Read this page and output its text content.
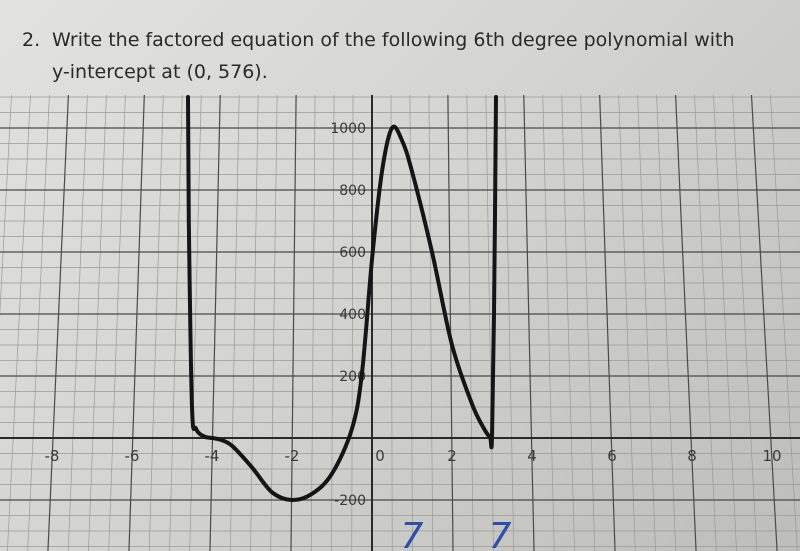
2. Write the factored equation of the following 6th degree polynomial with
y-intercept at (0, 576).
-8	-6	-4	-2	0	2	4	6	8	10
1000
800
600
400
200
-200
7 7
